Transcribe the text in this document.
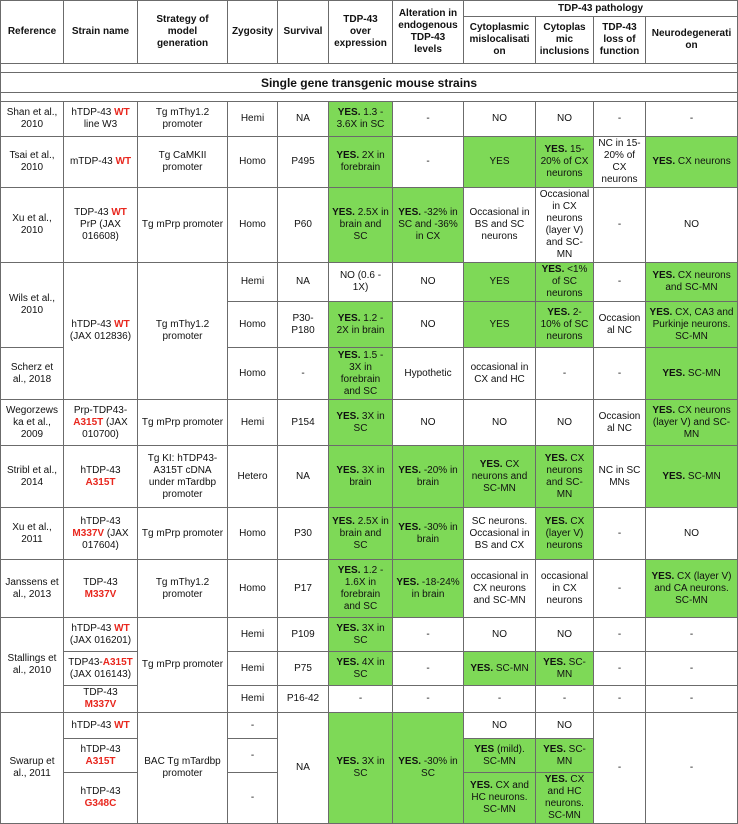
Reference	Strain name	Strategy of model generation	Zygosity	Survival	TDP-43 over expression	Alteration in endogenous TDP-43 levels	TDP-43 pathology			
							Cytoplasmic mislocalisation	Cytoplasmic inclusions	TDP-43 loss of function	Neurodegeneration

Single gene transgenic mouse strains										

Shan et al., 2010	hTDP-43 WT line W3	Tg mThy1.2 promoter	Hemi	NA	YES. 1.3 - 3.6X in SC	-	NO	NO	-	-
Tsai et al., 2010	mTDP-43 WT	Tg CaMKII promoter	Homo	P495	YES. 2X in forebrain	-	YES	YES. 15-20% of CX neurons	NC in 15-20% of CX neurons	YES. CX neurons
Xu et al., 2010	TDP-43 WT PrP (JAX 016608)	Tg mPrp promoter	Homo	P60	YES. 2.5X in brain and SC	YES. -32% in SC and -36% in CX	Occasional in BS and SC neurons	Occasional in CX neurons (layer V) and SC-MN	-	NO
Wils et al., 2010	hTDP-43 WT (JAX 012836)	Tg mThy1.2 promoter	Hemi	NA	NO (0.6 - 1X)	NO	YES	YES. <1% of SC neurons	-	YES. CX neurons and SC-MN
			Homo	P30-P180	YES. 1.2 - 2X in brain	NO	YES	YES. 2-10% of SC neurons	Occasional NC	YES. CX, CA3 and Purkinje neurons. SC-MN
Scherz et al., 2018			Homo	-	YES. 1.5 - 3X in forebrain and SC	Hypothetic	occasional in CX and HC	-	-	YES. SC-MN
Wegorzewska et al., 2009	Prp-TDP43-A315T (JAX 010700)	Tg mPrp promoter	Hemi	P154	YES. 3X in SC	NO	NO	NO	Occasional NC	YES. CX neurons (layer V) and SC-MN
Stribl et al., 2014	hTDP-43 A315T	Tg KI: hTDP43-A315T cDNA under mTardbp promoter	Hetero	NA	YES. 3X in brain	YES. -20% in brain	YES. CX neurons and SC-MN	YES. CX neurons and SC-MN	NC in SC MNs	YES. SC-MN
Xu et al., 2011	hTDP-43 M337V (JAX 017604)	Tg mPrp promoter	Homo	P30	YES. 2.5X in brain and SC	YES. -30% in brain	SC neurons. Occasional in BS and CX	YES. CX (layer V) neurons	-	NO
Janssens et al., 2013	TDP-43 M337V	Tg mThy1.2 promoter	Homo	P17	YES. 1.2 - 1.6X in forebrain and SC	YES. -18-24% in brain	occasional in CX neurons and SC-MN	occasional in CX neurons	-	YES. CX (layer V) and CA neurons. SC-MN
Stallings et al., 2010	hTDP-43 WT (JAX 016201)	Tg mPrp promoter	Hemi	P109	YES. 3X in SC	-	NO	NO	-	-
	TDP43-A315T (JAX 016143)		Hemi	P75	YES. 4X in SC	-	YES. SC-MN	YES. SC-MN	-	-
	TDP-43 M337V		Hemi	P16-42	-	-	-	-	-	-
Swarup et al., 2011	hTDP-43 WT	BAC Tg mTardbp promoter	-	NA	YES. 3X in SC	YES. -30% in SC	NO	NO	-	-
	hTDP-43 A315T		-				YES (mild). SC-MN	YES. SC-MN		
	hTDP-43 G348C		-				YES. CX and HC neurons. SC-MN	YES. CX and HC neurons. SC-MN		
